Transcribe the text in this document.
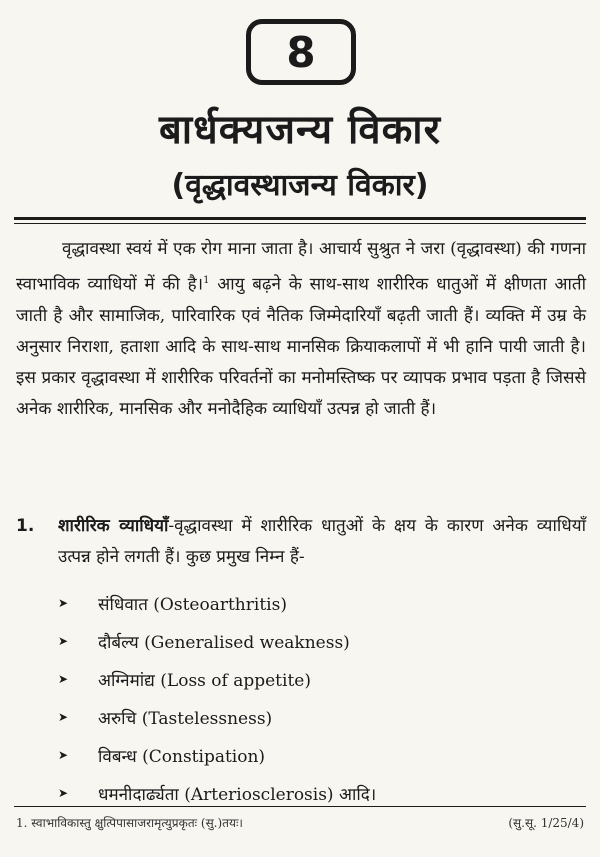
8
बार्धक्यजन्य विकार
(वृद्धावस्थाजन्य विकार)
वृद्धावस्था स्वयं में एक रोग माना जाता है। आचार्य सुश्रुत ने जरा (वृद्धावस्था) की गणना स्वाभाविक व्याधियों में की है।$^1$ आयु बढ़ने के साथ-साथ शारीरिक धातुओं में क्षीणता आती जाती है और सामाजिक, पारिवारिक एवं नैतिक जिम्मेदारियाँ बढ़ती जाती हैं। व्यक्ति में उम्र के अनुसार निराशा, हताशा आदि के साथ-साथ मानसिक क्रियाकलापों में भी हानि पायी जाती है। इस प्रकार वृद्धावस्था में शारीरिक परिवर्तनों का मनोमस्तिष्क पर व्यापक प्रभाव पड़ता है जिससे अनेक शारीरिक, मानसिक और मनोदैहिक व्याधियाँ उत्पन्न हो जाती हैं।
1. शारीरिक व्याधियाँ-वृद्धावस्था में शारीरिक धातुओं के क्षय के कारण अनेक व्याधियाँ उत्पन्न होने लगती हैं। कुछ प्रमुख निम्न हैं-
➤	संधिवात (Osteoarthritis)
➤	दौर्बल्य (Generalised weakness)
➤	अग्निमांद्य (Loss of appetite)
➤	अरुचि (Tastelessness)
➤	विबन्ध (Constipation)
➤	धमनीदार्ढ्यता (Arteriosclerosis) आदि।
1. स्वाभाविकास्तु क्षुत्पिपासाजरामृत्युप्रकृतः (सु.)तयः।	(सु.सू. 1/25/4)
